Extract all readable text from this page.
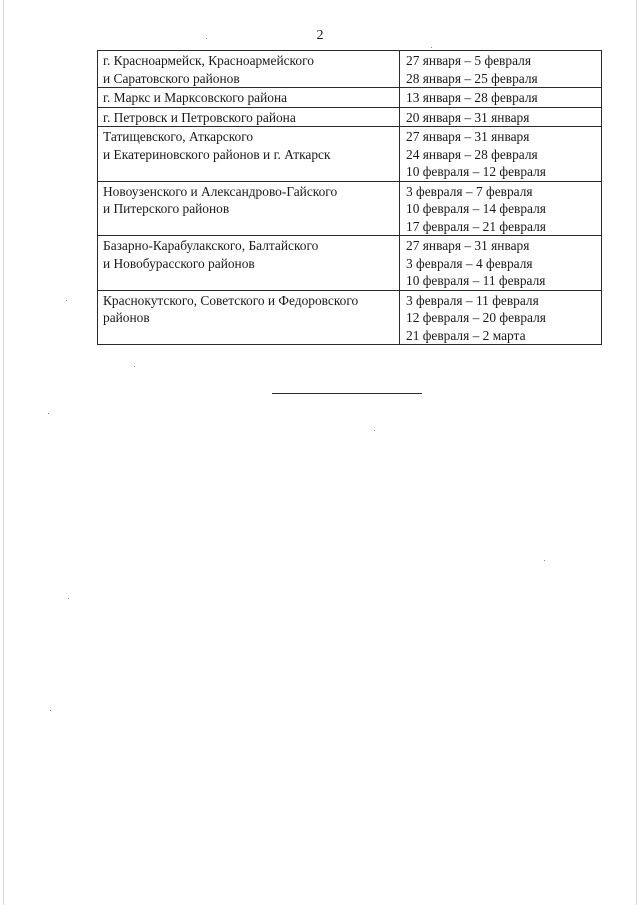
2
г. Красноармейск, Красноармейского
и Саратовского районов	27 января – 5 февраля
28 января – 25 февраля

г. Маркс и Марксовского района	13 января – 28 февраля

г. Петровск и Петровского района	20 января – 31 января

Татищевского, Аткарского
и Екатериновского районов и г. Аткарск	27 января – 31 января
24 января – 28 февраля
10 февраля – 12 февраля

Новоузенского и Александрово-Гайского
и Питерского районов	3 февраля – 7 февраля
10 февраля – 14 февраля
17 февраля – 21 февраля

Базарно-Карабулакского, Балтайского
и Новобурасского районов	27 января – 31 января
3 февраля – 4 февраля
10 февраля – 11 февраля

Краснокутского, Советского и Федоровского
районов	3 февраля – 11 февраля
12 февраля – 20 февраля
21 февраля – 2 марта
